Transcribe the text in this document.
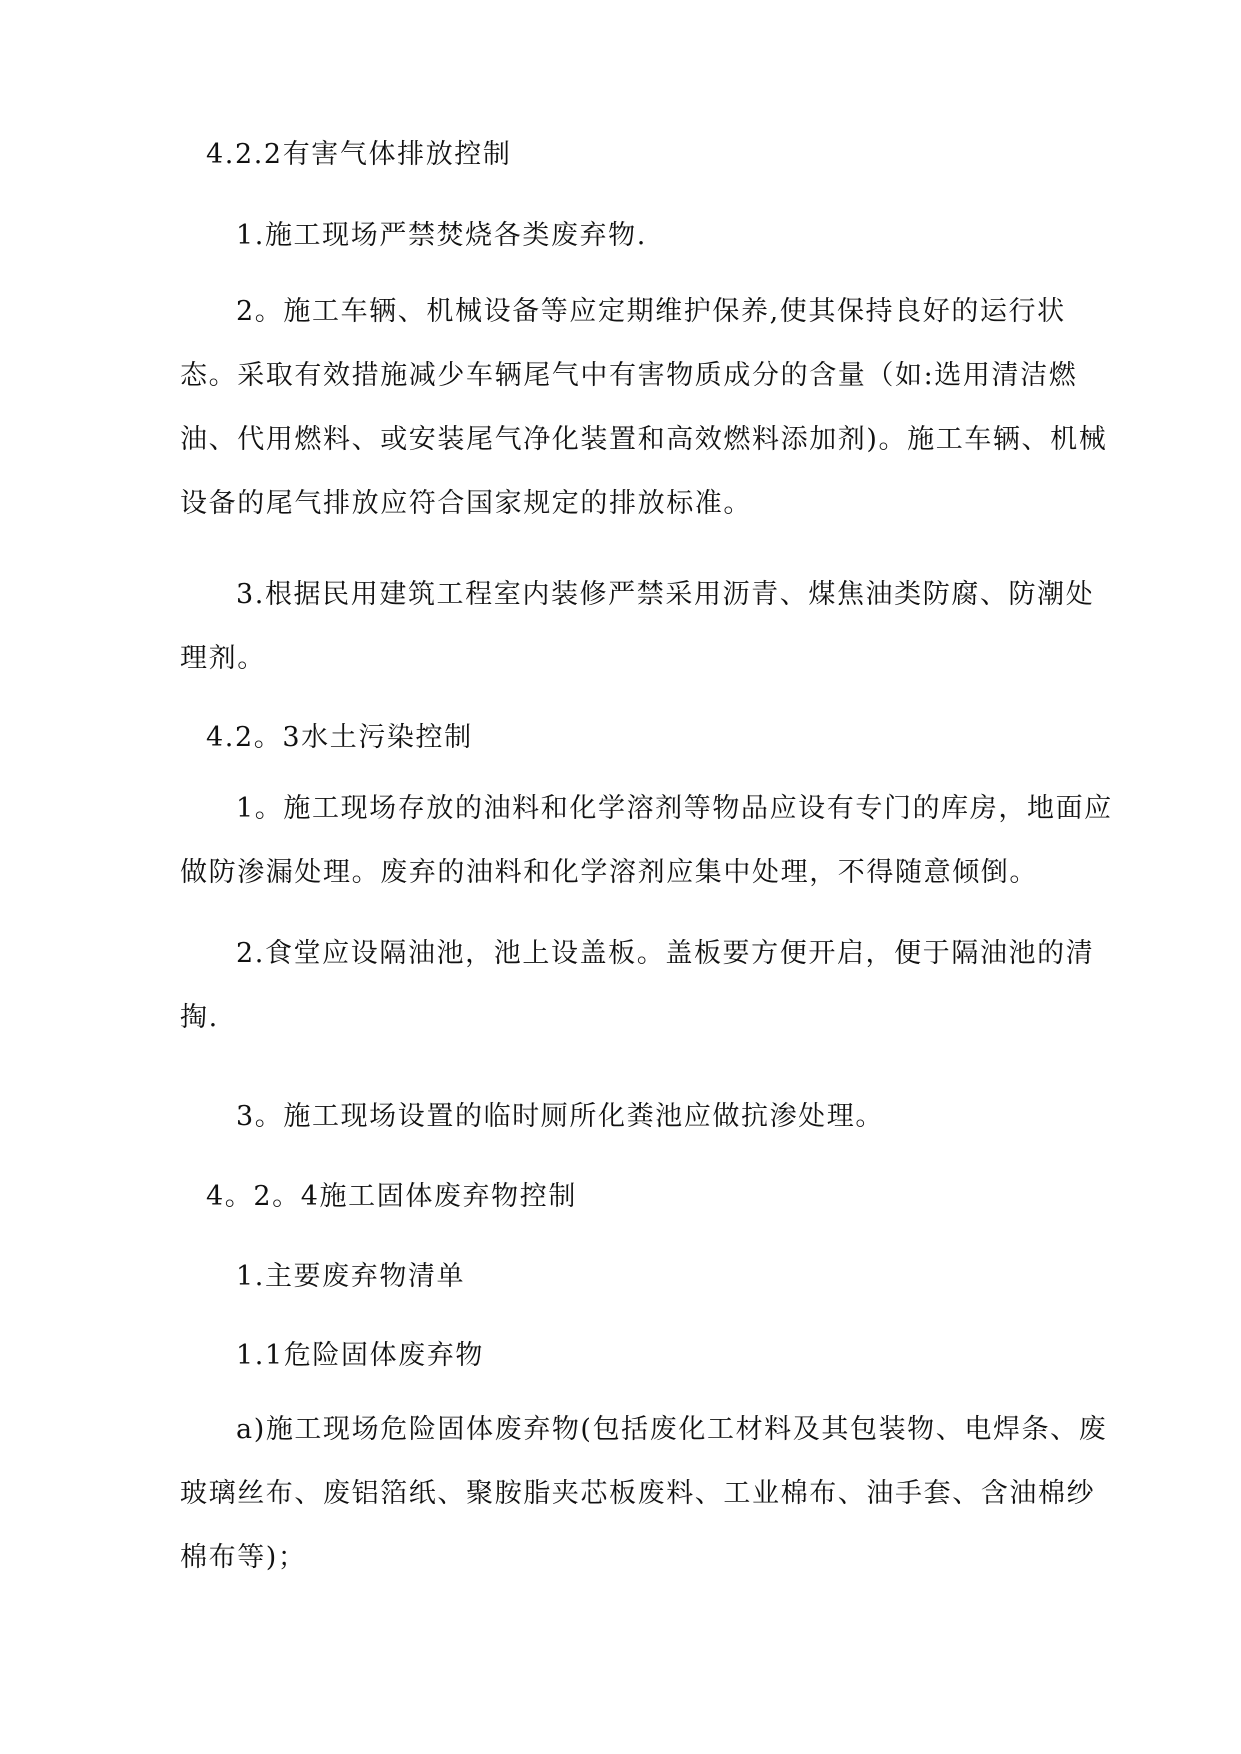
4.2.2有害气体排放控制

1.施工现场严禁焚烧各类废弃物.

2。施工车辆、机械设备等应定期维护保养,使其保持良好的运行状态。采取有效措施减少车辆尾气中有害物质成分的含量（如:选用清洁燃油、代用燃料、或安装尾气净化装置和高效燃料添加剂)。施工车辆、机械设备的尾气排放应符合国家规定的排放标准。

3.根据民用建筑工程室内装修严禁采用沥青、煤焦油类防腐、防潮处理剂。

4.2。3水土污染控制

1。施工现场存放的油料和化学溶剂等物品应设有专门的库房，地面应做防渗漏处理。废弃的油料和化学溶剂应集中处理，不得随意倾倒。

2.食堂应设隔油池，池上设盖板。盖板要方便开启，便于隔油池的清掏.

3。施工现场设置的临时厕所化粪池应做抗渗处理。

4。2。4施工固体废弃物控制

1.主要废弃物清单

1.1危险固体废弃物

a)施工现场危险固体废弃物(包括废化工材料及其包装物、电焊条、废玻璃丝布、废铝箔纸、聚胺脂夹芯板废料、工业棉布、油手套、含油棉纱棉布等)；
